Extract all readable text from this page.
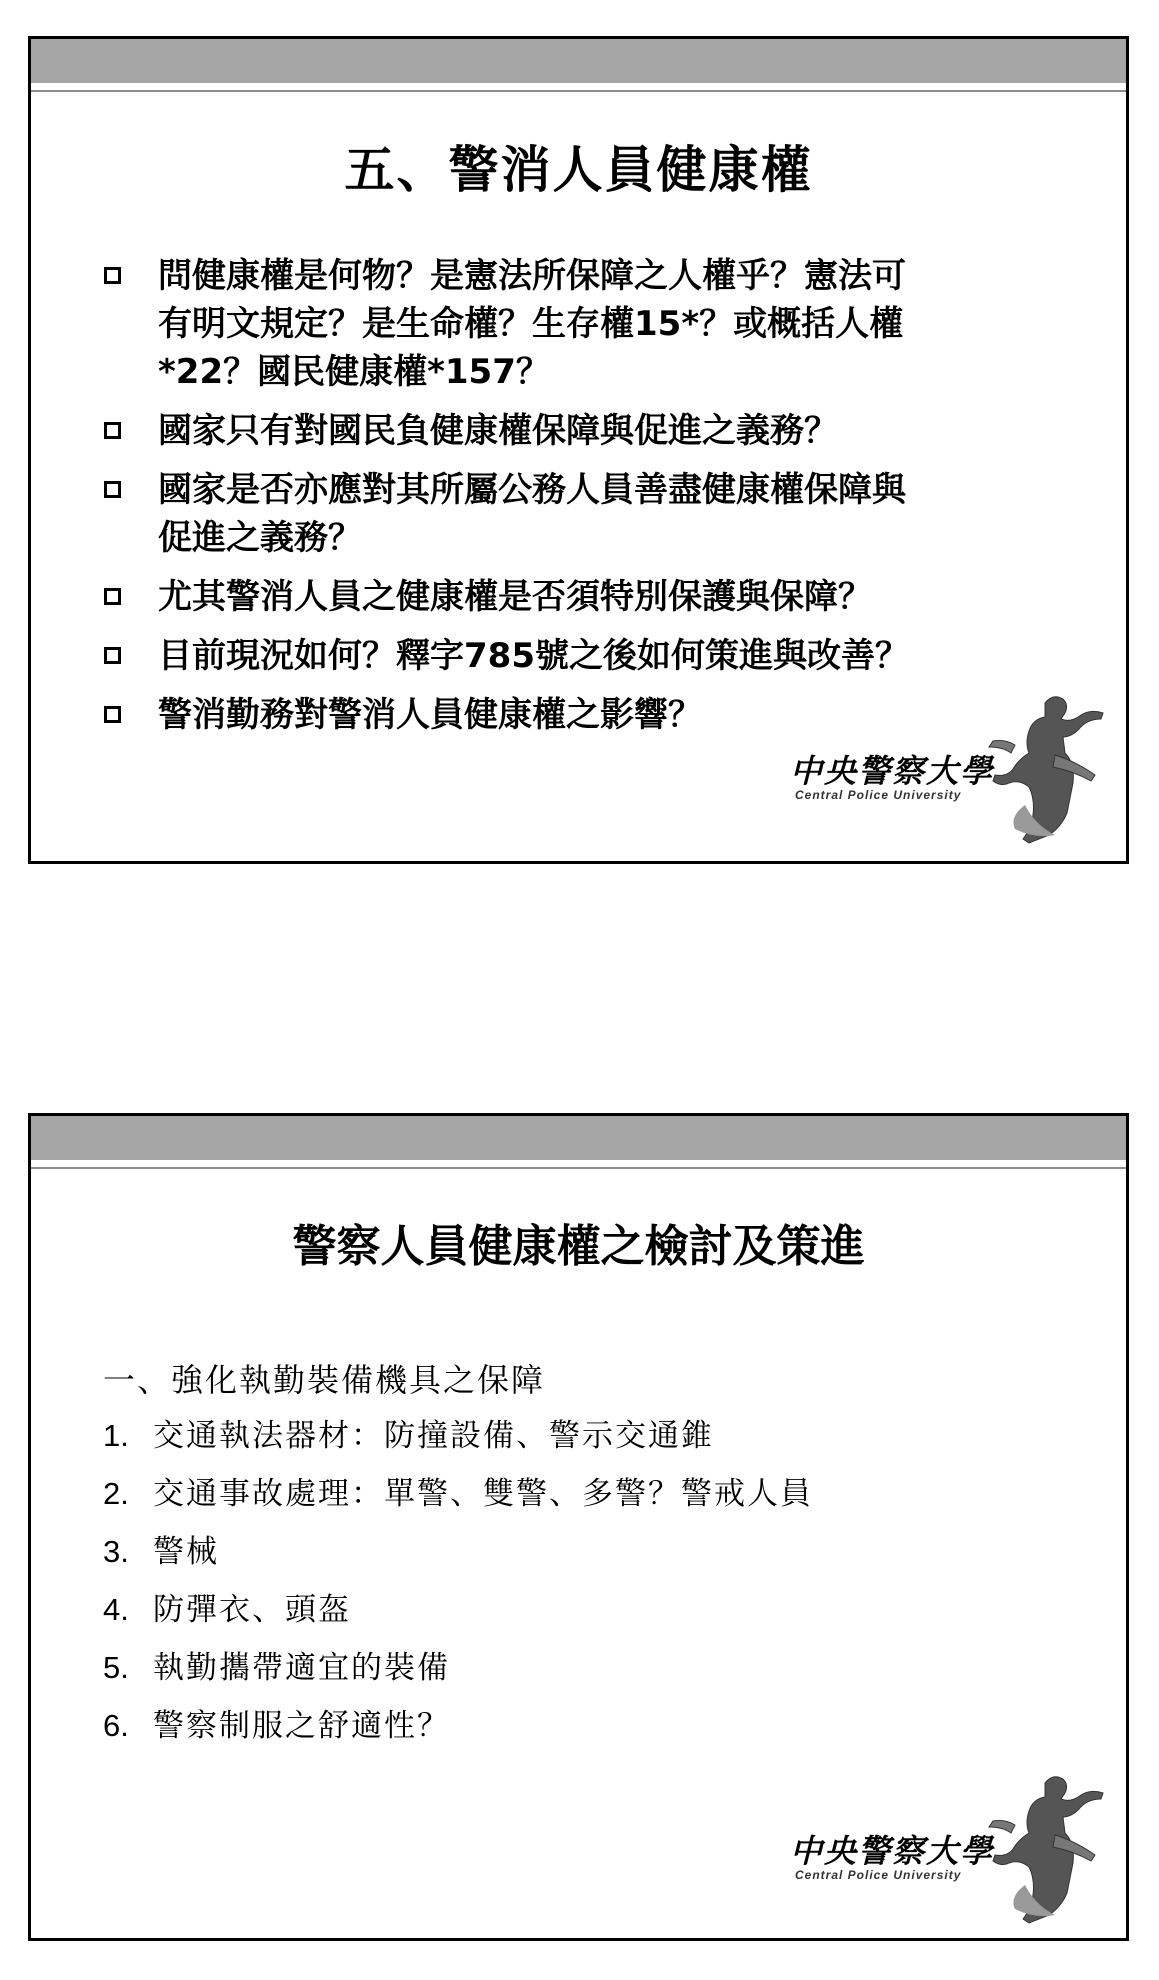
五、警消人員健康權
問健康權是何物？是憲法所保障之人權乎？憲法可
有明文規定？是生命權？生存權15*？或概括人權
*22？國民健康權*157？
國家只有對國民負健康權保障與促進之義務？
國家是否亦應對其所屬公務人員善盡健康權保障與
促進之義務？
尤其警消人員之健康權是否須特別保護與保障？
目前現況如何？釋字785號之後如何策進與改善？
警消勤務對警消人員健康權之影響？
中央警察大學
Central Police University
警察人員健康權之檢討及策進
一、強化執勤裝備機具之保障
1. 交通執法器材：防撞設備、警示交通錐
2. 交通事故處理：單警、雙警、多警？警戒人員
3. 警械
4. 防彈衣、頭盔
5. 執勤攜帶適宜的裝備
6. 警察制服之舒適性？
中央警察大學
Central Police University
